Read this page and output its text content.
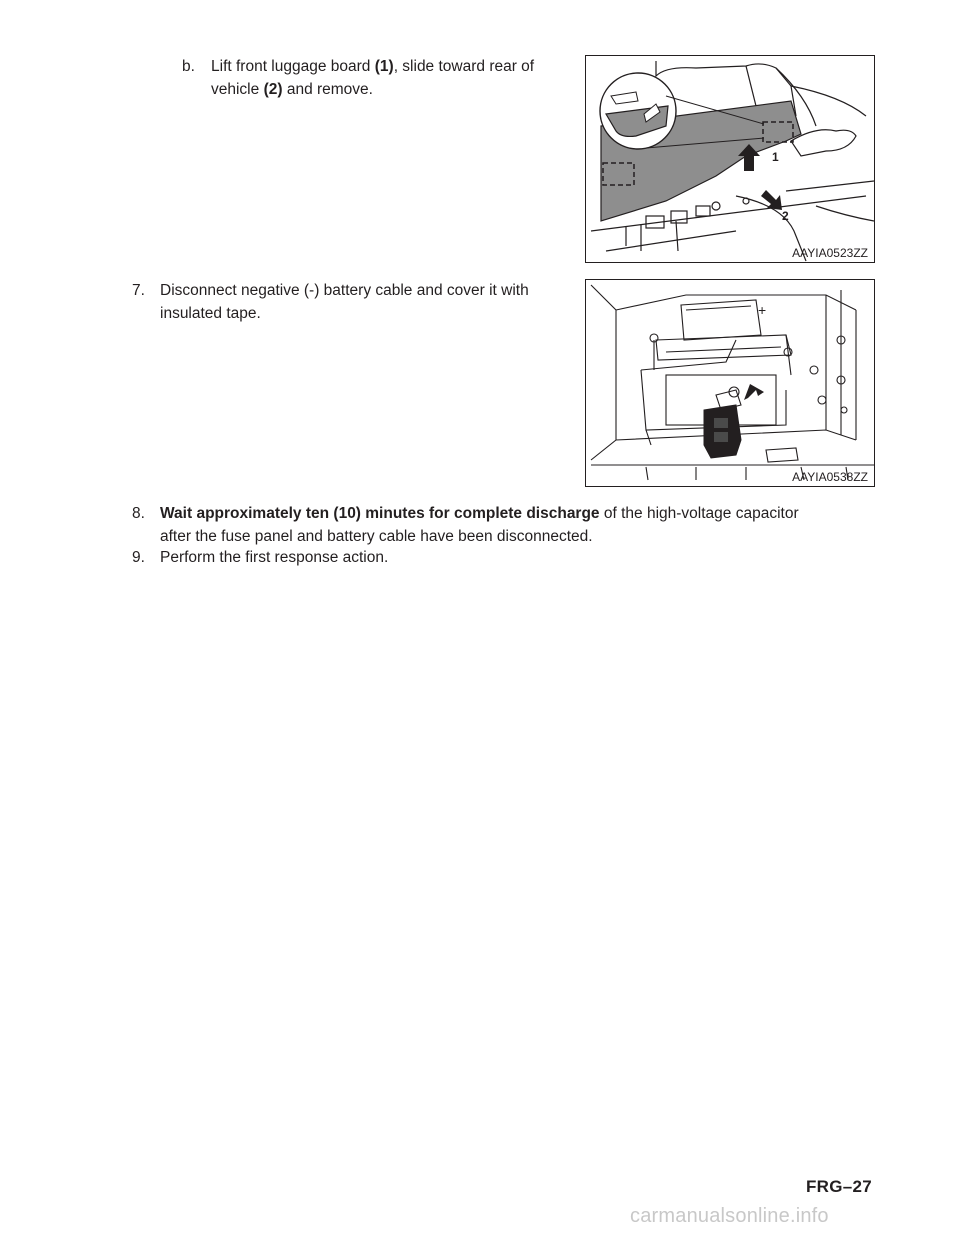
b. Lift front luggage board (1), slide toward rear of
vehicle (2) and remove.
1
2
AAYIA0523ZZ
7. Disconnect negative (-) battery cable and cover it with
insulated tape.	+
AAYIA0538ZZ
8. Wait approximately ten (10) minutes for complete discharge of the high-voltage capacitor
after the fuse panel and battery cable have been disconnected.
9. Perform the first response action.
FRG–27
carmanualsonline.info
